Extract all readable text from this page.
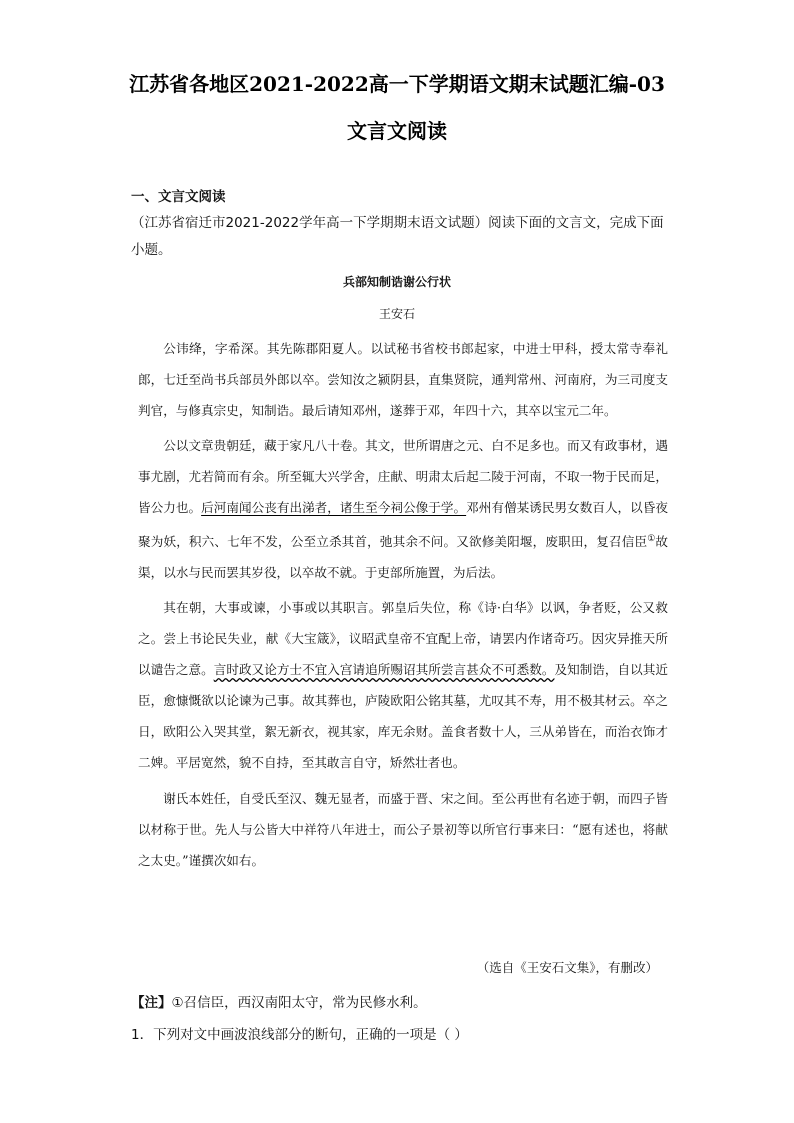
江苏省各地区2021-2022高一下学期语文期末试题汇编-03
文言文阅读
一、文言文阅读
（江苏省宿迁市2021-2022学年高一下学期期末语文试题）阅读下面的文言文，完成下面小题。
兵部知制诰谢公行状
王安石

公讳绛，字希深。其先陈郡阳夏人。以试秘书省校书郎起家，中进士甲科，授太常寺奉礼郎，七迁至尚书兵部员外郎以卒。尝知汝之颍阴县，直集贤院，通判常州、河南府，为三司度支判官，与修真宗史，知制诰。最后请知邓州，遂葬于邓，年四十六，其卒以宝元二年。

公以文章贵朝廷，藏于家凡八十卷。其文，世所谓唐之元、白不足多也。而又有政事材，遇事尤剧，尤若简而有余。所至辄大兴学舍，庄献、明肃太后起二陵于河南，不取一物于民而足，皆公力也。后河南闻公丧有出涕者，诸生至今祠公像于学。邓州有僧某诱民男女数百人，以昏夜聚为妖，积六、七年不发，公至立杀其首，弛其余不问。又欲修美阳堰，废职田，复召信臣①故渠，以水与民而罢其岁役，以卒故不就。于吏部所施置，为后法。

其在朝，大事或谏，小事或以其职言。郭皇后失位，称《诗·白华》以讽，争者贬，公又救之。尝上书论民失业，献《大宝箴》，议昭武皇帝不宜配上帝，请罢内作诸奇巧。因灾异推天所以谴告之意。言时政又论方士不宜入宫请追所赐诏其所尝言甚众不可悉数。及知制诰，自以其近臣，愈慷慨欲以论谏为己事。故其葬也，庐陵欧阳公铭其墓，尤叹其不寿，用不极其材云。卒之日，欧阳公入哭其堂，絮无新衣，视其家，库无余财。盖食者数十人，三从弟皆在，而治衣饰才二婢。平居宽然，貌不自持，至其敢言自守，矫然壮者也。

谢氏本姓任，自受氏至汉、魏无显者，而盛于晋、宋之间。至公再世有名迹于朝，而四子皆以材称于世。先人与公皆大中祥符八年进士，而公子景初等以所官行事来曰：“愿有述也，将献之太史。”谨撰次如右。

（选自《王安石文集》，有删改）
【注】①召信臣，西汉南阳太守，常为民修水利。
1．下列对文中画波浪线部分的断句，正确的一项是（ ）
